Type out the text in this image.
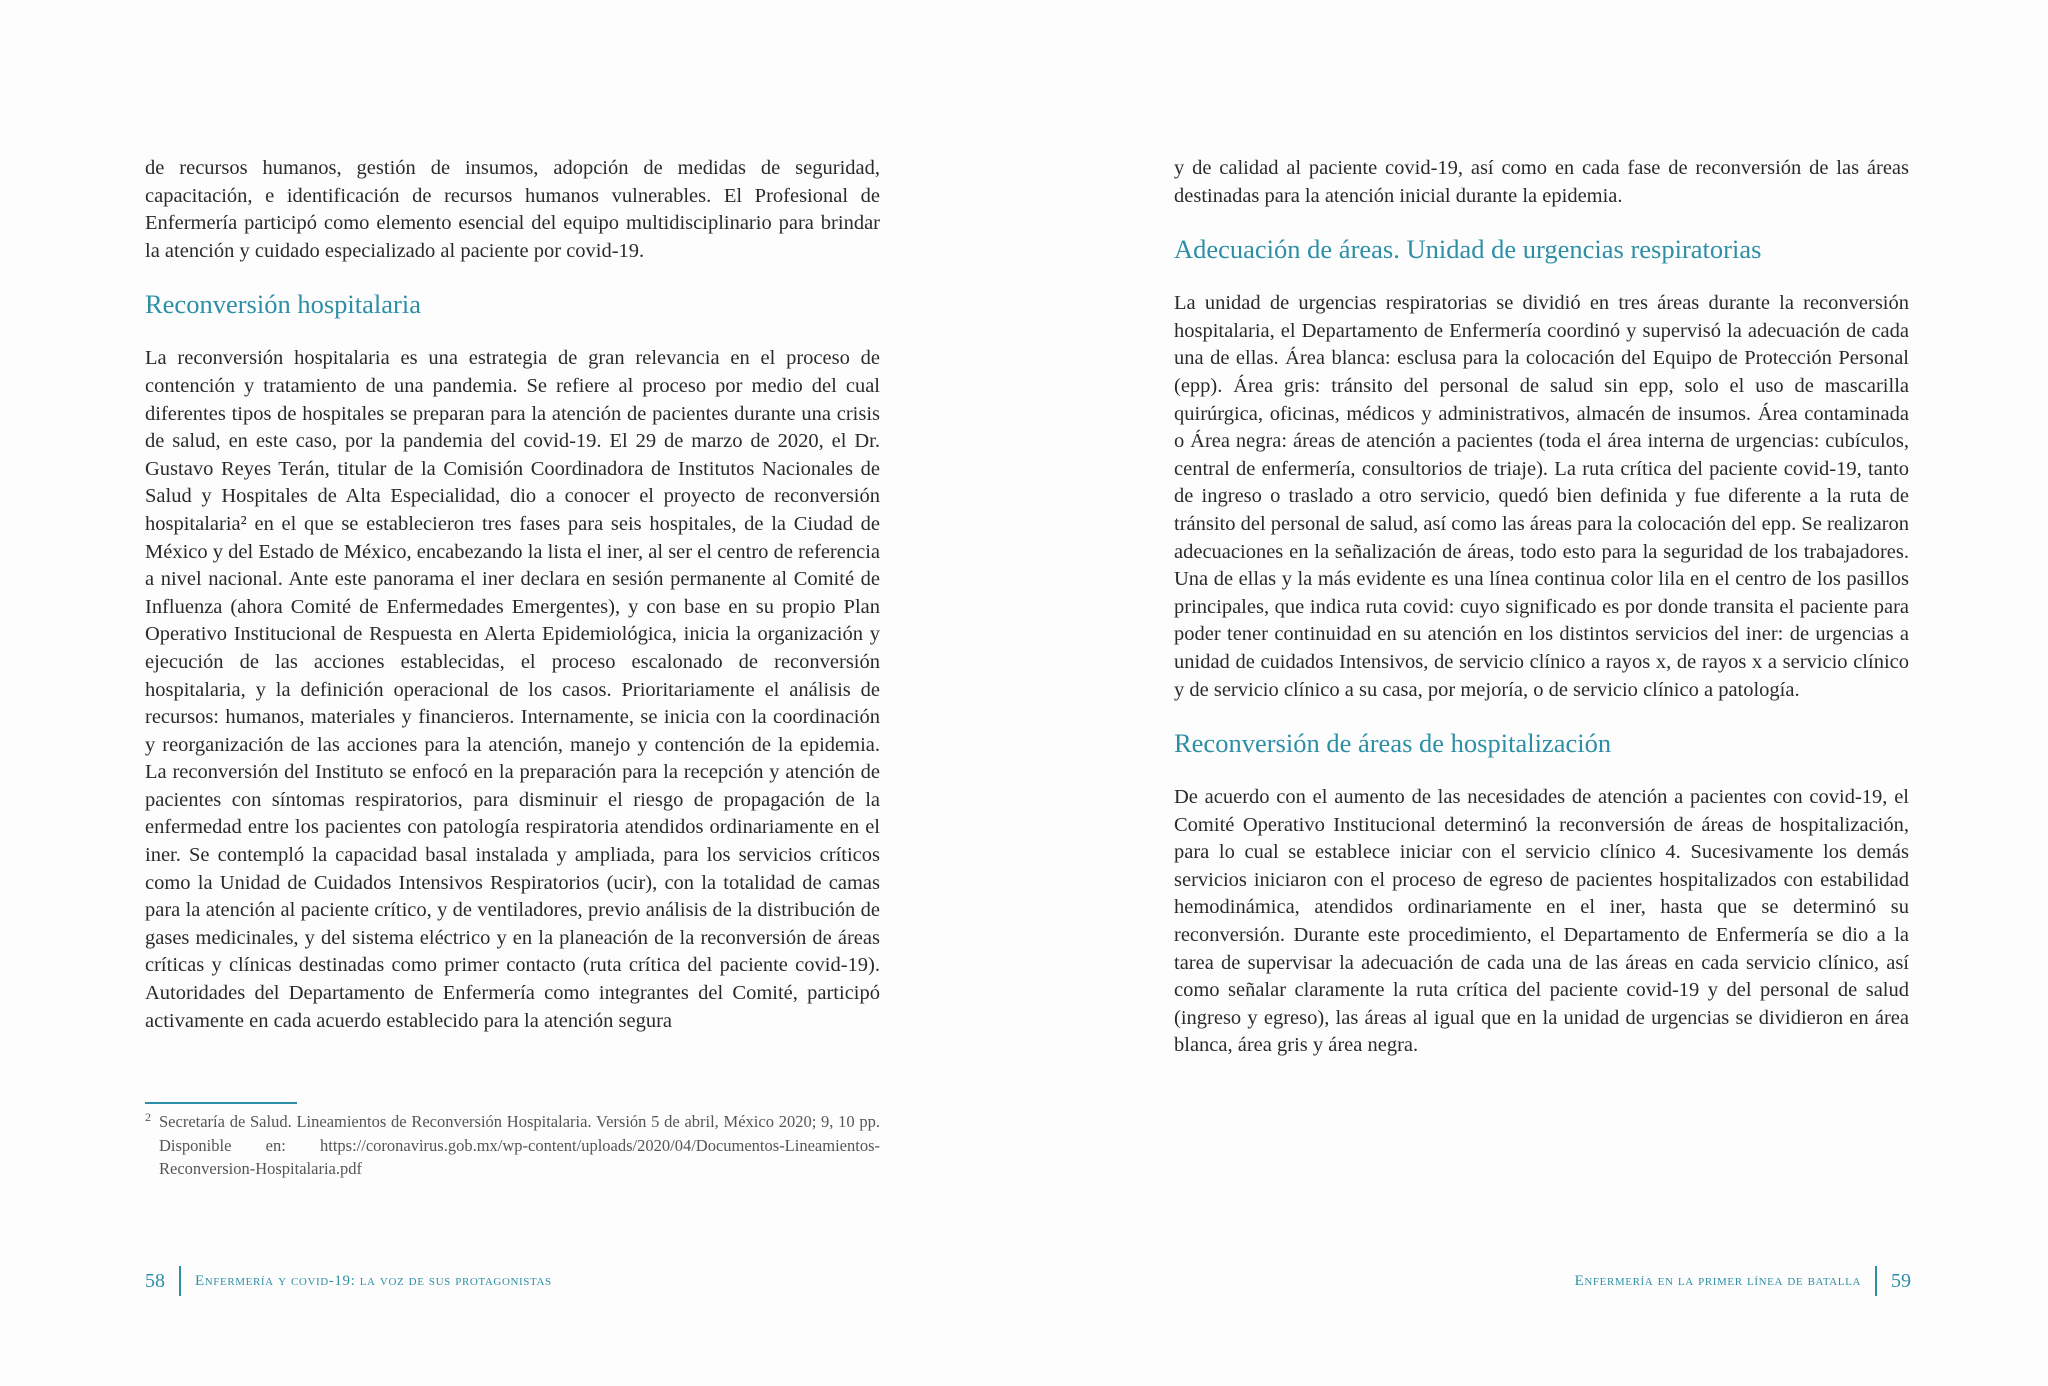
de recursos humanos, gestión de insumos, adopción de medidas de seguridad, capacitación, e identificación de recursos humanos vulnerables. El Profesional de Enfermería participó como elemento esencial del equipo multidisciplinario para brindar la atención y cuidado especializado al paciente por covid-19.

Reconversión hospitalaria

La reconversión hospitalaria es una estrategia de gran relevancia en el proceso de contención y tratamiento de una pandemia. Se refiere al proceso por medio del cual diferentes tipos de hospitales se preparan para la atención de pacientes durante una crisis de salud, en este caso, por la pandemia del covid-19. El 29 de marzo de 2020, el Dr. Gustavo Reyes Terán, titular de la Comisión Coordinadora de Institutos Nacionales de Salud y Hospitales de Alta Especialidad, dio a conocer el proyecto de reconversión hospitalaria² en el que se establecieron tres fases para seis hospitales, de la Ciudad de México y del Estado de México, encabezando la lista el iner, al ser el centro de referencia a nivel nacional. Ante este panorama el iner declara en sesión permanente al Comité de Influenza (ahora Comité de Enfermedades Emergentes), y con base en su propio Plan Operativo Institucional de Respuesta en Alerta Epidemiológica, inicia la organización y ejecución de las acciones establecidas, el proceso escalonado de reconversión hospitalaria, y la definición operacional de los casos. Prioritariamente el análisis de recursos: humanos, materiales y financieros. Internamente, se inicia con la coordinación y reorganización de las acciones para la atención, manejo y contención de la epidemia. La reconversión del Instituto se enfocó en la preparación para la recepción y atención de pacientes con síntomas respiratorios, para disminuir el riesgo de propagación de la enfermedad entre los pacientes con patología respiratoria atendidos ordinariamente en el iner. Se contempló la capacidad basal instalada y ampliada, para los servicios críticos como la Unidad de Cuidados Intensivos Respiratorios (ucir), con la totalidad de camas para la atención al paciente crítico, y de ventiladores, previo análisis de la distribución de gases medicinales, y del sistema eléctrico y en la planeación de la reconversión de áreas críticas y clínicas destinadas como primer contacto (ruta crítica del paciente covid-19). Autoridades del Departamento de Enfermería como integrantes del Comité, participó activamente en cada acuerdo establecido para la atención segura

2 Secretaría de Salud. Lineamientos de Reconversión Hospitalaria. Versión 5 de abril, México 2020; 9, 10 pp. Disponible en: https://coronavirus.gob.mx/wp-content/uploads/2020/04/Documentos-Lineamientos-Reconversion-Hospitalaria.pdf
58 Enfermería y covid-19: la voz de sus protagonistas

y de calidad al paciente covid-19, así como en cada fase de reconversión de las áreas destinadas para la atención inicial durante la epidemia.

Adecuación de áreas. Unidad de urgencias respiratorias

La unidad de urgencias respiratorias se dividió en tres áreas durante la reconversión hospitalaria, el Departamento de Enfermería coordinó y supervisó la adecuación de cada una de ellas. Área blanca: esclusa para la colocación del Equipo de Protección Personal (epp). Área gris: tránsito del personal de salud sin epp, solo el uso de mascarilla quirúrgica, oficinas, médicos y administrativos, almacén de insumos. Área contaminada o Área negra: áreas de atención a pacientes (toda el área interna de urgencias: cubículos, central de enfermería, consultorios de triaje). La ruta crítica del paciente covid-19, tanto de ingreso o traslado a otro servicio, quedó bien definida y fue diferente a la ruta de tránsito del personal de salud, así como las áreas para la colocación del epp. Se realizaron adecuaciones en la señalización de áreas, todo esto para la seguridad de los trabajadores. Una de ellas y la más evidente es una línea continua color lila en el centro de los pasillos principales, que indica ruta covid: cuyo significado es por donde transita el paciente para poder tener continuidad en su atención en los distintos servicios del iner: de urgencias a unidad de cuidados Intensivos, de servicio clínico a rayos x, de rayos x a servicio clínico y de servicio clínico a su casa, por mejoría, o de servicio clínico a patología.

Reconversión de áreas de hospitalización

De acuerdo con el aumento de las necesidades de atención a pacientes con covid-19, el Comité Operativo Institucional determinó la reconversión de áreas de hospitalización, para lo cual se establece iniciar con el servicio clínico 4. Sucesivamente los demás servicios iniciaron con el proceso de egreso de pacientes hospitalizados con estabilidad hemodinámica, atendidos ordinariamente en el iner, hasta que se determinó su reconversión. Durante este procedimiento, el Departamento de Enfermería se dio a la tarea de supervisar la adecuación de cada una de las áreas en cada servicio clínico, así como señalar claramente la ruta crítica del paciente covid-19 y del personal de salud (ingreso y egreso), las áreas al igual que en la unidad de urgencias se dividieron en área blanca, área gris y área negra.

Enfermería en la primer línea de batalla 59
